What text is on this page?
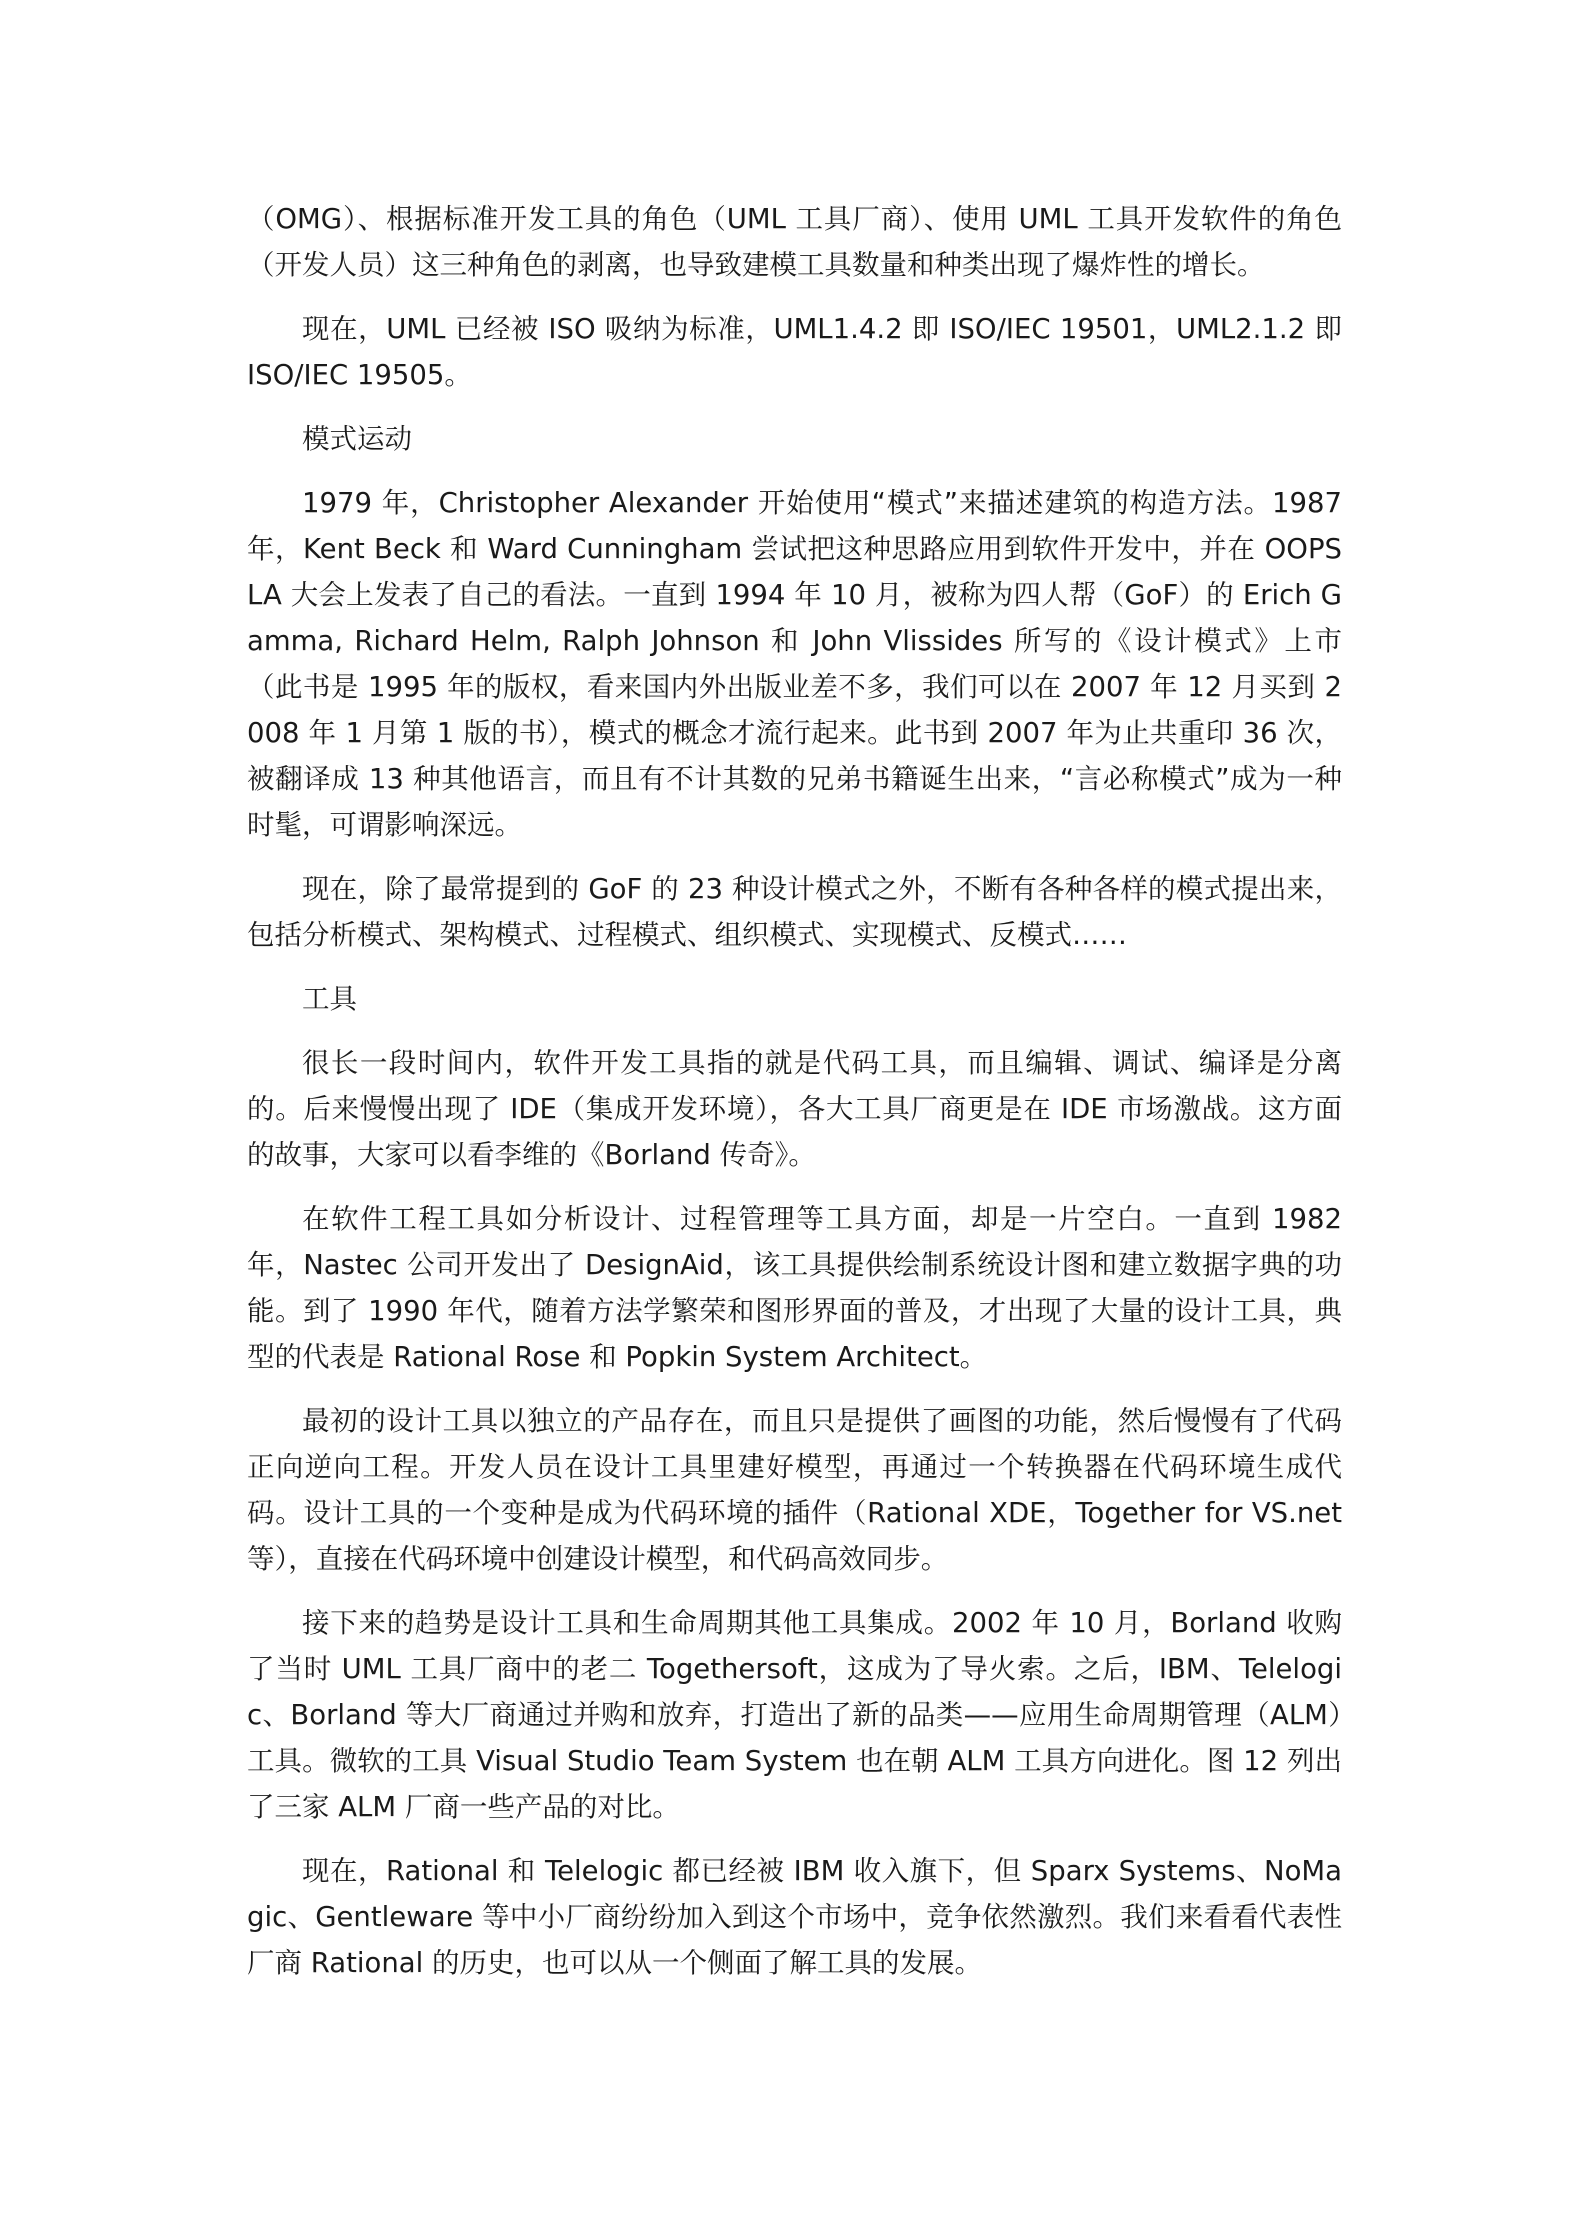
（OMG）、根据标准开发工具的角色（UML 工具厂商）、使用 UML 工具开发软件的角色（开发人员）这三种角色的剥离，也导致建模工具数量和种类出现了爆炸性的增长。

现在，UML 已经被 ISO 吸纳为标准，UML1.4.2 即 ISO/IEC 19501，UML2.1.2 即 ISO/IEC 19505。

模式运动

1979 年，Christopher Alexander 开始使用“模式”来描述建筑的构造方法。1987 年，Kent Beck 和 Ward Cunningham 尝试把这种思路应用到软件开发中，并在 OOPSLA 大会上发表了自己的看法。一直到 1994 年 10 月，被称为四人帮（GoF）的 Erich Gamma, Richard Helm, Ralph Johnson 和 John Vlissides 所写的《设计模式》上市（此书是 1995 年的版权，看来国内外出版业差不多，我们可以在 2007 年 12 月买到 2008 年 1 月第 1 版的书），模式的概念才流行起来。此书到 2007 年为止共重印 36 次，被翻译成 13 种其他语言，而且有不计其数的兄弟书籍诞生出来，“言必称模式”成为一种时髦，可谓影响深远。

现在，除了最常提到的 GoF 的 23 种设计模式之外，不断有各种各样的模式提出来，包括分析模式、架构模式、过程模式、组织模式、实现模式、反模式……

工具

很长一段时间内，软件开发工具指的就是代码工具，而且编辑、调试、编译是分离的。后来慢慢出现了 IDE（集成开发环境），各大工具厂商更是在 IDE 市场激战。这方面的故事，大家可以看李维的《Borland 传奇》。

在软件工程工具如分析设计、过程管理等工具方面，却是一片空白。一直到 1982 年，Nastec 公司开发出了 DesignAid，该工具提供绘制系统设计图和建立数据字典的功能。到了 1990 年代，随着方法学繁荣和图形界面的普及，才出现了大量的设计工具，典型的代表是 Rational Rose 和 Popkin System Architect。

最初的设计工具以独立的产品存在，而且只是提供了画图的功能，然后慢慢有了代码正向逆向工程。开发人员在设计工具里建好模型，再通过一个转换器在代码环境生成代码。设计工具的一个变种是成为代码环境的插件（Rational XDE，Together for VS.net 等），直接在代码环境中创建设计模型，和代码高效同步。

接下来的趋势是设计工具和生命周期其他工具集成。2002 年 10 月，Borland 收购了当时 UML 工具厂商中的老二 Togethersoft，这成为了导火索。之后，IBM、Telelogic、Borland 等大厂商通过并购和放弃，打造出了新的品类——应用生命周期管理（ALM）工具。微软的工具 Visual Studio Team System 也在朝 ALM 工具方向进化。图 12 列出了三家 ALM 厂商一些产品的对比。

现在，Rational 和 Telelogic 都已经被 IBM 收入旗下，但 Sparx Systems、NoMagic、Gentleware 等中小厂商纷纷加入到这个市场中，竞争依然激烈。我们来看看代表性厂商 Rational 的历史，也可以从一个侧面了解工具的发展。
